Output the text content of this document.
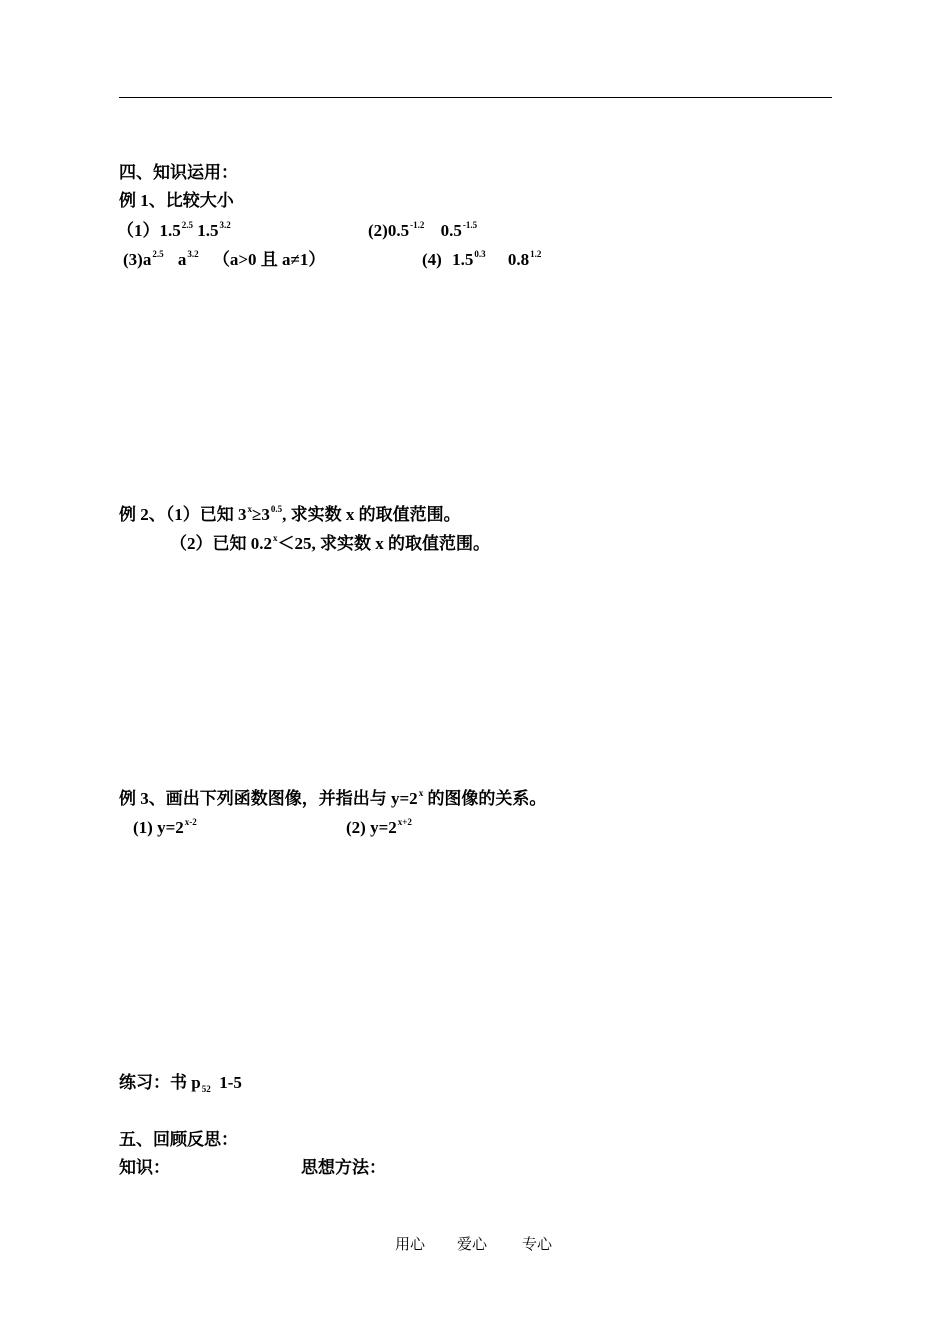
四、知识运用：
例 1、比较大小
$(1)1.5^{2.5}$ $1.5^{3.2}$	$(2)0.5^{-1.2}$ $0.5^{-1.5}$
$(3)a^{2.5}$ $a^{3.2}$ （a>0 且 a≠1）	(4) $1.5^{0.3}$ $0.8^{1.2}$
例 2、（1）已知 $3^x\ge 3^{0.5}$, 求实数 x 的取值范围。
（2）已知 $0.2^x<25$, 求实数 x 的取值范围。
例 3、画出下列函数图像，并指出与 $y=2^x$ 的图像的关系。
(1) $y=2^{x-2}$	(2) $y=2^{x+2}$
练习：书 $p_{52}$  1-5
五、回顾反思：
知识：	思想方法：
用心 爱心 专心
